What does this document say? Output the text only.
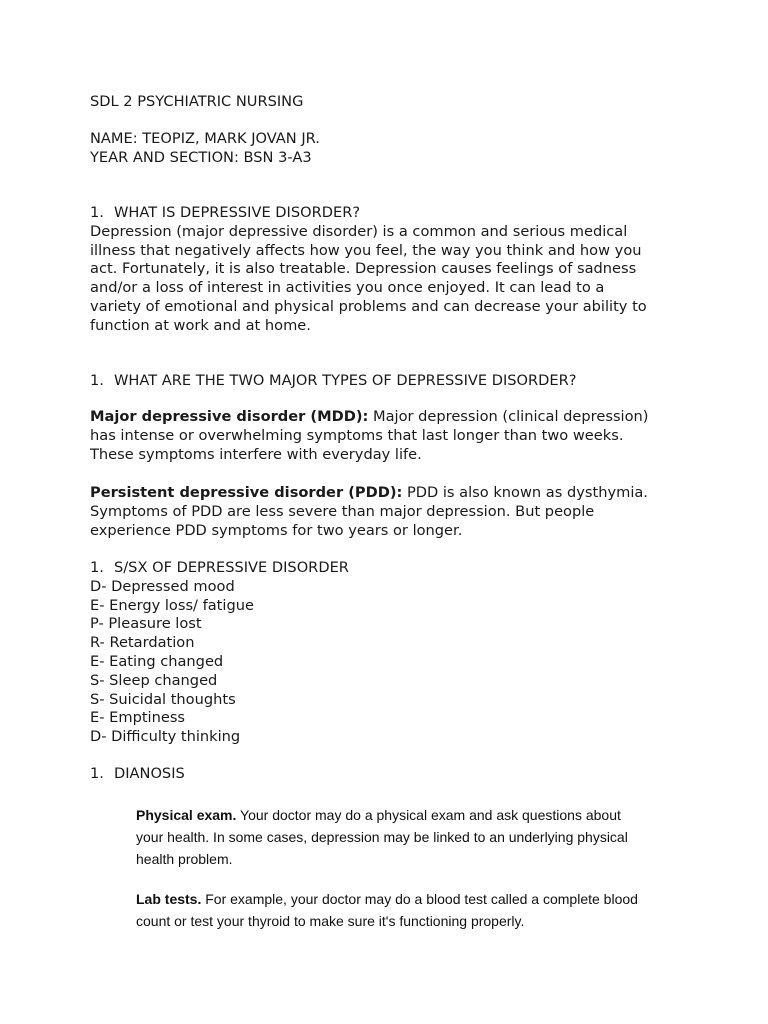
SDL 2 PSYCHIATRIC NURSING

NAME: TEOPIZ, MARK JOVAN JR.

YEAR AND SECTION: BSN 3-A3

1. WHAT IS DEPRESSIVE DISORDER?

Depression (major depressive disorder) is a common and serious medical

illness that negatively affects how you feel, the way you think and how you

act. Fortunately, it is also treatable. Depression causes feelings of sadness

and/or a loss of interest in activities you once enjoyed. It can lead to a

variety of emotional and physical problems and can decrease your ability to

function at work and at home.

1. WHAT ARE THE TWO MAJOR TYPES OF DEPRESSIVE DISORDER?

Major depressive disorder (MDD): Major depression (clinical depression)

has intense or overwhelming symptoms that last longer than two weeks.

These symptoms interfere with everyday life.

Persistent depressive disorder (PDD): PDD is also known as dysthymia.

Symptoms of PDD are less severe than major depression. But people

experience PDD symptoms for two years or longer.

1. S/SX OF DEPRESSIVE DISORDER

D- Depressed mood

E- Energy loss/ fatigue

P- Pleasure lost

R- Retardation

E- Eating changed

S- Sleep changed

S- Suicidal thoughts

E- Emptiness

D- Difficulty thinking

1. DIANOSIS

Physical exam. Your doctor may do a physical exam and ask questions about

your health. In some cases, depression may be linked to an underlying physical

health problem.

Lab tests. For example, your doctor may do a blood test called a complete blood

count or test your thyroid to make sure it's functioning properly.
